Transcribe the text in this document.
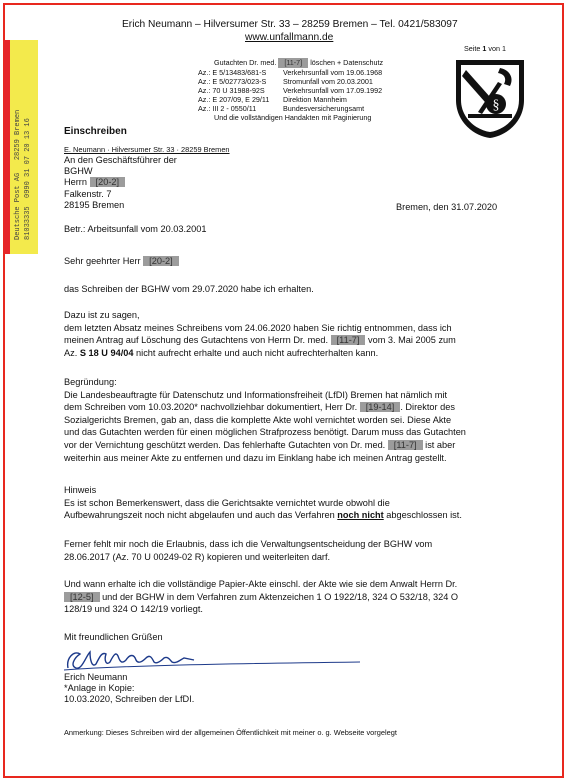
Erich Neumann – Hilversumer Str. 33 – 28259 Bremen – Tel. 0421/583097
www.unfallmann.de
Seite 1 von 1
§
Gutachten Dr. med. [11-7] löschen + Datenschutz
Az.: E 5/13483/681-S Verkehrsunfall vom 19.06.1968
Az.: E 5/02773/023-S Stromunfall vom 20.03.2001
Az.: 70 U 31988-92S	Verkehrsunfall vom 17.09.1992
Az.: E 207/09, E 29/11 Direktion Mannheim
Az.: III 2 - 0550/11	Bundesversicherungsamt
Und die vollständigen Handakten mit Paginierung
Deutsche Post AG   28259 Bremen
81033335  0990 31 07 20 13 16	Einschreiben
E. Neumann · Hilversumer Str. 33 · 28259 Bremen
An den Geschäftsführer der
BGHW
Herrn [20-2]
Falkenstr. 7
28195 Bremen	Bremen, den 31.07.2020
Betr.: Arbeitsunfall vom 20.03.2001
Sehr geehrter Herr [20-2]
das Schreiben der BGHW vom 29.07.2020 habe ich erhalten.

Dazu ist zu sagen,

dem letzten Absatz meines Schreibens vom 24.06.2020 haben Sie richtig entnommen, dass ich

meinen Antrag auf Löschung des Gutachtens von Herrn Dr. med. [11-7] vom 3. Mai 2005 zum

Az. S 18 U 94/04 nicht aufrecht erhalte und auch nicht aufrechterhalten kann.

Begründung:

Die Landesbeauftragte für Datenschutz und Informationsfreiheit (LfDI) Bremen hat nämlich mit

dem Schreiben vom 10.03.2020* nachvollziehbar dokumentiert, Herr Dr. [19-14] . Direktor des

Sozialgerichts Bremen, gab an, dass die komplette Akte wohl vernichtet worden sei. Diese Akte

und das Gutachten werden für einen möglichen Strafprozess benötigt. Darum muss das Gutachten

vor der Vernichtung geschützt werden. Das fehlerhafte Gutachten von Dr. med. [11-7] ist aber

weiterhin aus meiner Akte zu entfernen und dazu im Einklang habe ich meinen Antrag gestellt.

Hinweis

Es ist schon Bemerkenswert, dass die Gerichtsakte vernichtet wurde obwohl die

Aufbewahrungszeit noch nicht abgelaufen und auch das Verfahren noch nicht abgeschlossen ist.

Ferner fehlt mir noch die Erlaubnis, dass ich die Verwaltungsentscheidung der BGHW vom

28.06.2017 (Az. 70 U 00249-02 R) kopieren und weiterleiten darf.

Und wann erhalte ich die vollständige Papier-Akte einschl. der Akte wie sie dem Anwalt Herrn Dr.

[12-5] und der BGHW in dem Verfahren zum Aktenzeichen 1 O 1922/18, 324 O 532/18, 324 O

128/19 und 324 O 142/19 vorliegt.

Mit freundlichen Grüßen
Erich Neumann
*Anlage in Kopie:
10.03.2020, Schreiben der LfDI.
Anmerkung: Dieses Schreiben wird der allgemeinen Öffentlichkeit mit meiner o. g. Webseite vorgelegt
